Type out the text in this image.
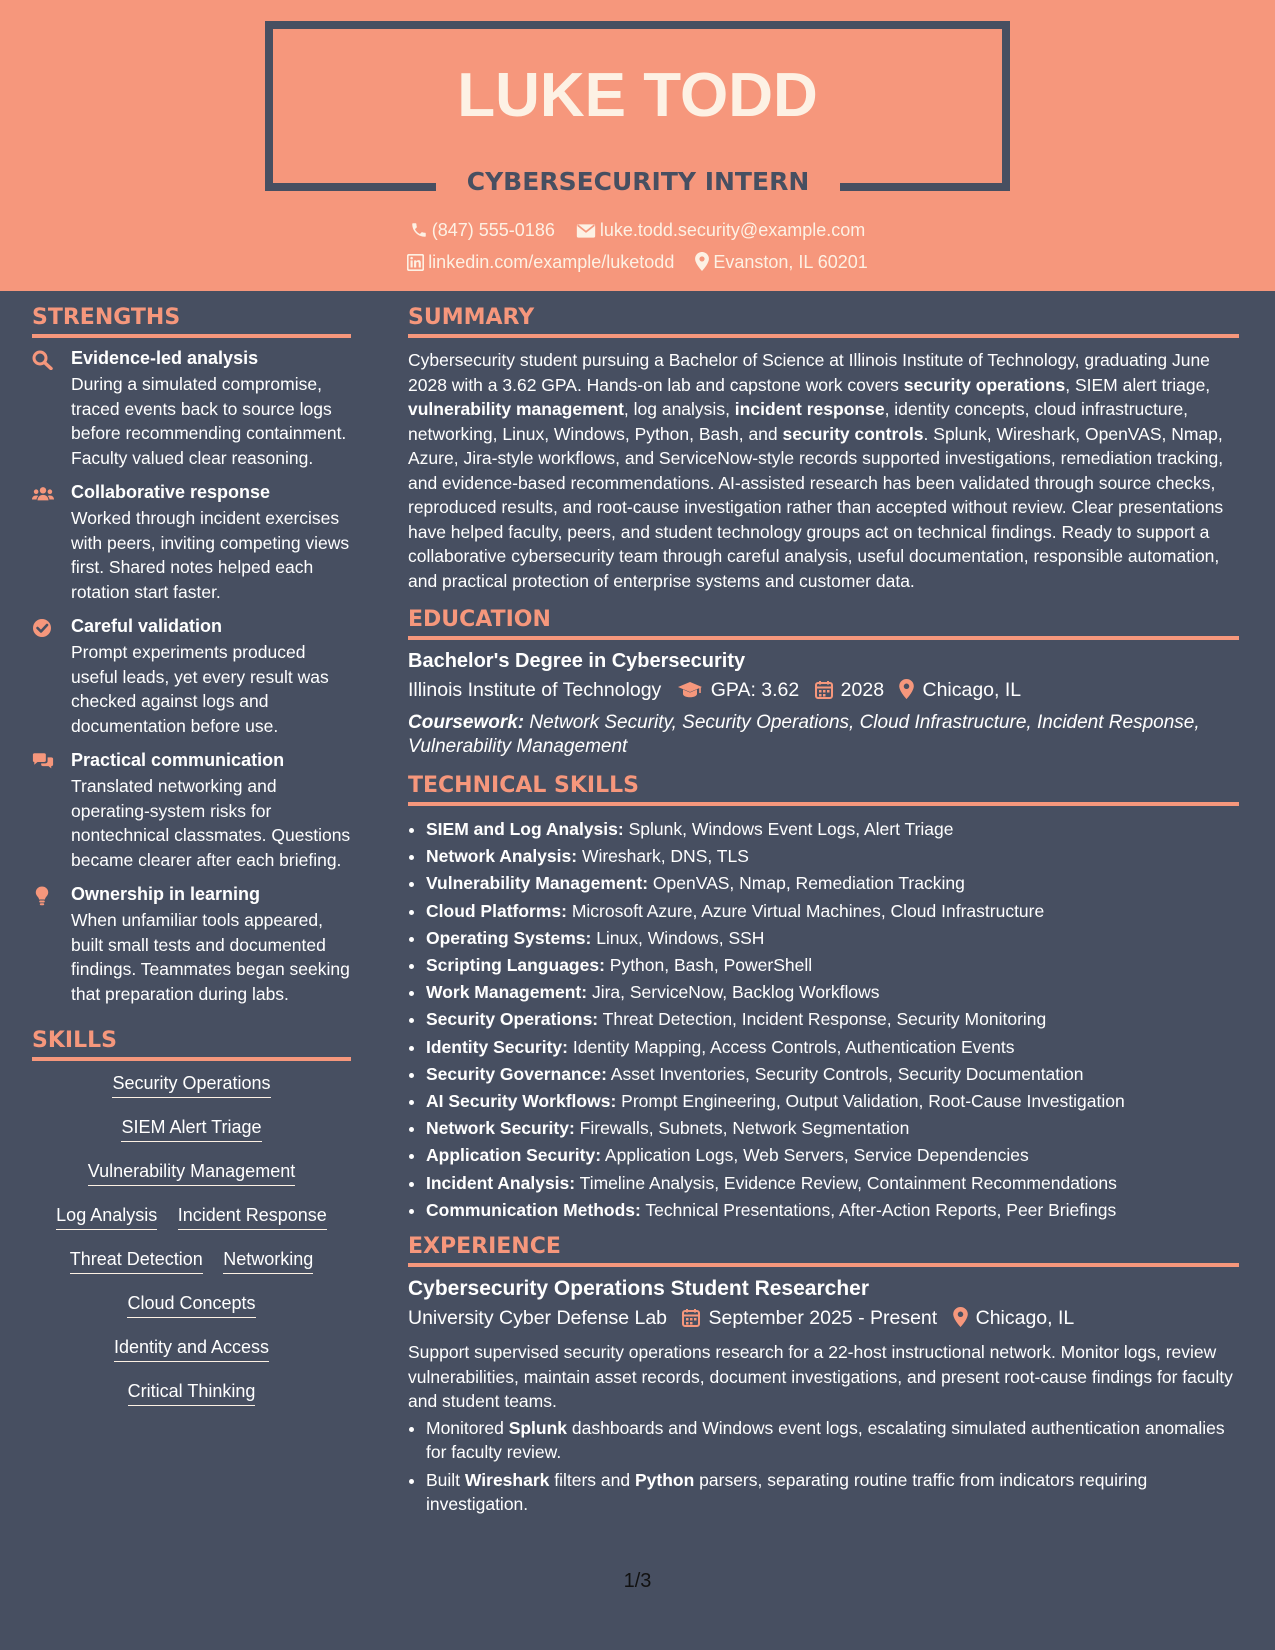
LUKE TODD
CYBERSECURITY INTERN
(847) 555-0186	luke.todd.security@example.com
linkedin.com/example/luketodd Evanston, IL 60201
STRENGTHS
Evidence-led analysis
During a simulated compromise, traced events back to source logs before recommending containment. Faculty valued clear reasoning.
Collaborative response
Worked through incident exercises with peers, inviting competing views first. Shared notes helped each rotation start faster.
Careful validation
Prompt experiments produced useful leads, yet every result was checked against logs and documentation before use.
Practical communication
Translated networking and operating-system risks for nontechnical classmates. Questions became clearer after each briefing.
Ownership in learning
When unfamiliar tools appeared, built small tests and documented findings. Teammates began seeking that preparation during labs.
SKILLS
Security Operations
SIEM Alert Triage
Vulnerability Management
Log Analysis Incident Response
Threat Detection Networking
Cloud Concepts
Identity and Access
Critical Thinking
SUMMARY
Cybersecurity student pursuing a Bachelor of Science at Illinois Institute of Technology, graduating June 2028 with a 3.62 GPA. Hands-on lab and capstone work covers security operations, SIEM alert triage, vulnerability management, log analysis, incident response, identity concepts, cloud infrastructure, networking, Linux, Windows, Python, Bash, and security controls. Splunk, Wireshark, OpenVAS, Nmap, Azure, Jira-style workflows, and ServiceNow-style records supported investigations, remediation tracking, and evidence-based recommendations. AI-assisted research has been validated through source checks, reproduced results, and root-cause investigation rather than accepted without review. Clear presentations have helped faculty, peers, and student technology groups act on technical findings. Ready to support a collaborative cybersecurity team through careful analysis, useful documentation, responsible automation, and practical protection of enterprise systems and customer data.
EDUCATION
Bachelor's Degree in Cybersecurity
Illinois Institute of Technology	GPA: 3.62 2028 Chicago, IL
Coursework: Network Security, Security Operations, Cloud Infrastructure, Incident Response, Vulnerability Management
TECHNICAL SKILLS
• SIEM and Log Analysis: Splunk, Windows Event Logs, Alert Triage
• Network Analysis: Wireshark, DNS, TLS
• Vulnerability Management: OpenVAS, Nmap, Remediation Tracking
• Cloud Platforms: Microsoft Azure, Azure Virtual Machines, Cloud Infrastructure
• Operating Systems: Linux, Windows, SSH
• Scripting Languages: Python, Bash, PowerShell
• Work Management: Jira, ServiceNow, Backlog Workflows
• Security Operations: Threat Detection, Incident Response, Security Monitoring
• Identity Security: Identity Mapping, Access Controls, Authentication Events
• Security Governance: Asset Inventories, Security Controls, Security Documentation
• AI Security Workflows: Prompt Engineering, Output Validation, Root-Cause Investigation
• Network Security: Firewalls, Subnets, Network Segmentation
• Application Security: Application Logs, Web Servers, Service Dependencies
• Incident Analysis: Timeline Analysis, Evidence Review, Containment Recommendations
• Communication Methods: Technical Presentations, After-Action Reports, Peer Briefings
EXPERIENCE
Cybersecurity Operations Student Researcher
University Cyber Defense Lab September 2025 - Present Chicago, IL
Support supervised security operations research for a 22-host instructional network. Monitor logs, review vulnerabilities, maintain asset records, document investigations, and present root-cause findings for faculty and student teams.
• Monitored Splunk dashboards and Windows event logs, escalating simulated authentication anomalies for faculty review.
• Built Wireshark filters and Python parsers, separating routine traffic from indicators requiring investigation.
1/3
